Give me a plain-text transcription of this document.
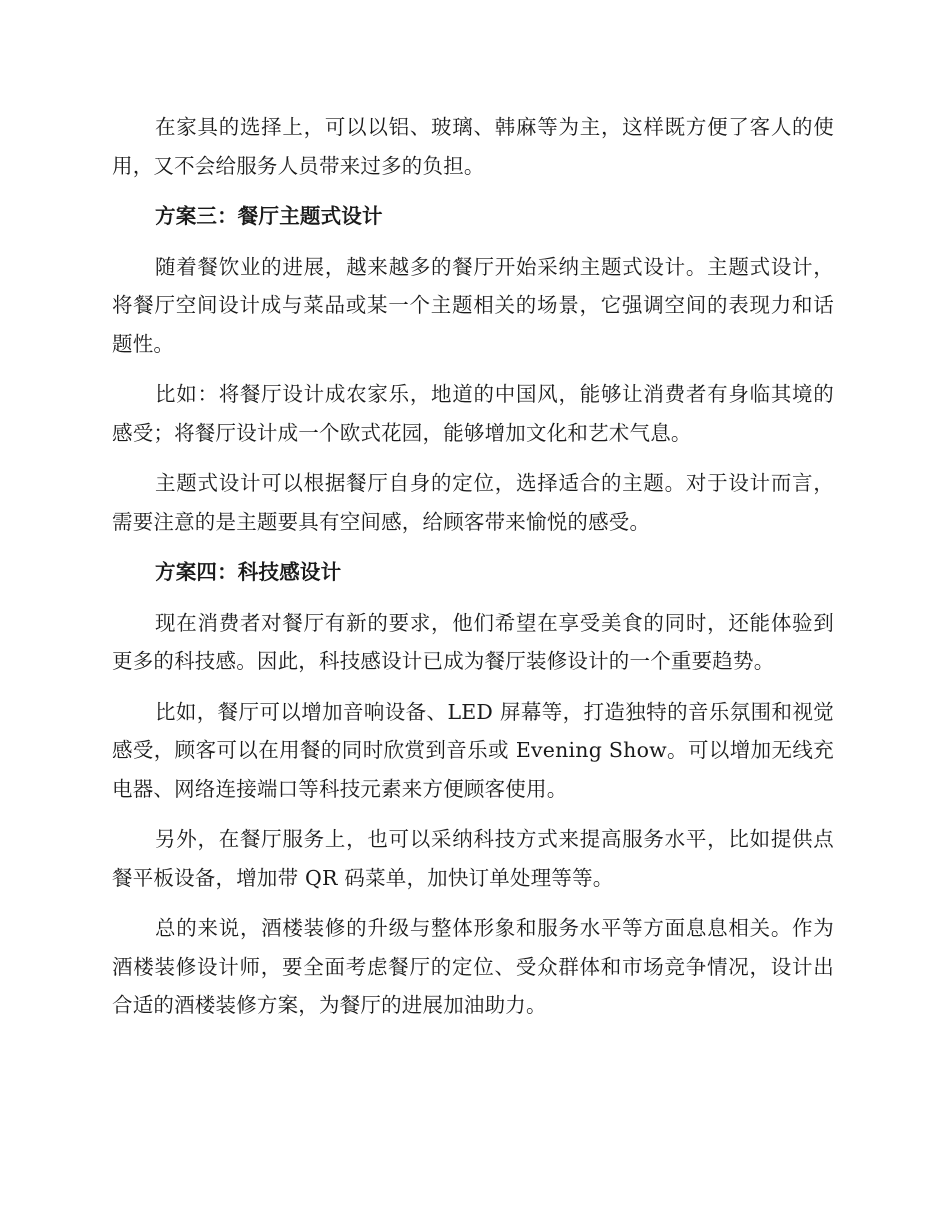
在家具的选择上，可以以铝、玻璃、韩麻等为主，这样既方便了客人的使用，又不会给服务人员带来过多的负担。

方案三：餐厅主题式设计

随着餐饮业的进展，越来越多的餐厅开始采纳主题式设计。主题式设计，将餐厅空间设计成与菜品或某一个主题相关的场景，它强调空间的表现力和话题性。

比如：将餐厅设计成农家乐，地道的中国风，能够让消费者有身临其境的感受；将餐厅设计成一个欧式花园，能够增加文化和艺术气息。

主题式设计可以根据餐厅自身的定位，选择适合的主题。对于设计而言，需要注意的是主题要具有空间感，给顾客带来愉悦的感受。

方案四：科技感设计

现在消费者对餐厅有新的要求，他们希望在享受美食的同时，还能体验到更多的科技感。因此，科技感设计已成为餐厅装修设计的一个重要趋势。

比如，餐厅可以增加音响设备、LED 屏幕等，打造独特的音乐氛围和视觉感受，顾客可以在用餐的同时欣赏到音乐或 Evening Show。可以增加无线充电器、网络连接端口等科技元素来方便顾客使用。

另外，在餐厅服务上，也可以采纳科技方式来提高服务水平，比如提供点餐平板设备，增加带 QR 码菜单，加快订单处理等等。

总的来说，酒楼装修的升级与整体形象和服务水平等方面息息相关。作为酒楼装修设计师，要全面考虑餐厅的定位、受众群体和市场竞争情况，设计出合适的酒楼装修方案，为餐厅的进展加油助力。
